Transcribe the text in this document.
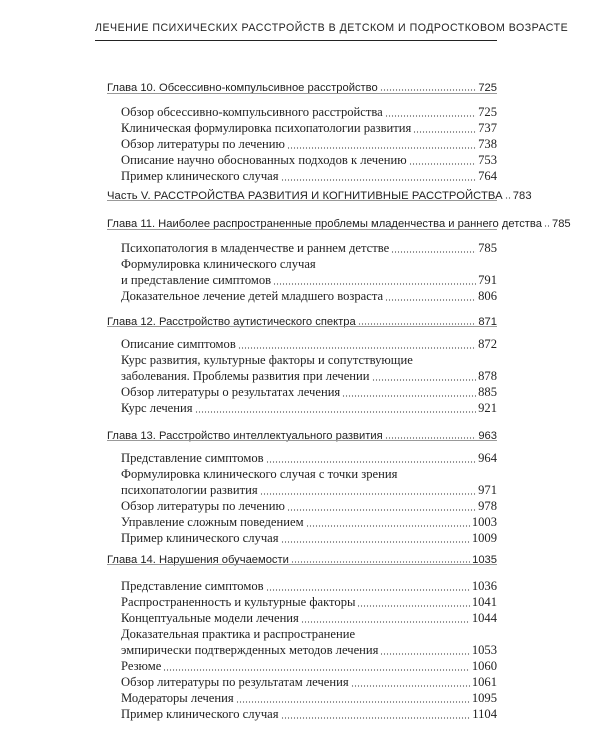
ЛЕЧЕНИЕ ПСИХИЧЕСКИХ РАССТРОЙСТВ В ДЕТСКОМ И ПОДРОСТКОВОМ ВОЗРАСТЕ
Глава 10. Обсессивно-компульсивное расстройство	725
Обзор обсессивно-компульсивного расстройства	725
Клиническая формулировка психопатологии развития	737
Обзор литературы по лечению	738
Описание научно обоснованных подходов к лечению	753
Пример клинического случая	764
Часть V. РАССТРОЙСТВА РАЗВИТИЯ И КОГНИТИВНЫЕ РАССТРОЙСТВА 783
Глава 11. Наиболее распространенные проблемы младенчества и раннего детства 785
Психопатология в младенчестве и раннем детстве	785
Формулировка клинического случая
и представление симптомов	791
Доказательное лечение детей младшего возраста	806
Глава 12. Расстройство аутистического спектра	871
Описание симптомов	872
Курс развития, культурные факторы и сопутствующие
заболевания. Проблемы развития при лечении	878
Обзор литературы о результатах лечения	885
Курс лечения	921
Глава 13. Расстройство интеллектуального развития	963
Представление симптомов	964
Формулировка клинического случая с точки зрения
психопатологии развития	971
Обзор литературы по лечению	978
Управление сложным поведением	1003
Пример клинического случая	1009
Глава 14. Нарушения обучаемости	1035
Представление симптомов	1036
Распространенность и культурные факторы	1041
Концептуальные модели лечения	1044
Доказательная практика и распространение
эмпирически подтвержденных методов лечения	1053
Резюме	1060
Обзор литературы по результатам лечения	1061
Модераторы лечения	1095
Пример клинического случая	1104
